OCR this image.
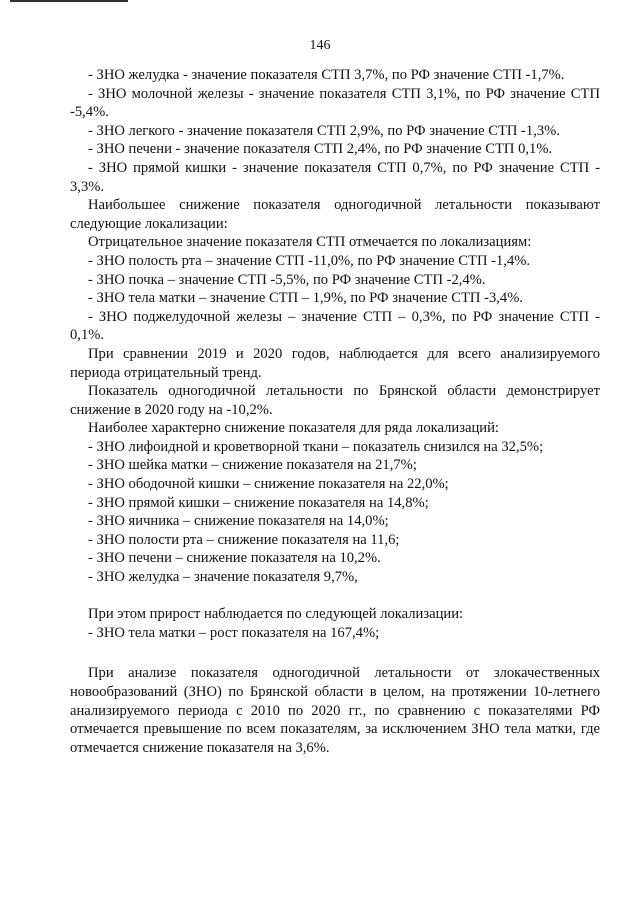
146

- ЗНО желудка - значение показателя СТП 3,7%, по РФ значение СТП -1,7%.

- ЗНО молочной железы - значение показателя СТП 3,1%, по РФ значение СТП -5,4%.

- ЗНО легкого - значение показателя СТП 2,9%, по РФ значение СТП -1,3%.

- ЗНО печени - значение показателя СТП 2,4%, по РФ значение СТП 0,1%.

- ЗНО прямой кишки - значение показателя СТП 0,7%, по РФ значение СТП - 3,3%.

Наибольшее снижение показателя одногодичной летальности показывают следующие локализации:

Отрицательное значение показателя СТП отмечается по локализациям:

- ЗНО полость рта – значение СТП -11,0%, по РФ значение СТП -1,4%.

- ЗНО почка – значение СТП -5,5%, по РФ значение СТП -2,4%.

- ЗНО тела матки – значение СТП – 1,9%, по РФ значение СТП -3,4%.

- ЗНО поджелудочной железы – значение СТП – 0,3%, по РФ значение СТП - 0,1%.

При сравнении 2019 и 2020 годов, наблюдается для всего анализируемого периода отрицательный тренд.

Показатель одногодичной летальности по Брянской области демонстрирует снижение в 2020 году на -10,2%.

Наиболее характерно снижение показателя для ряда локализаций:

- ЗНО лифоидной и кроветворной ткани – показатель снизился на 32,5%;

- ЗНО шейка матки – снижение показателя на 21,7%;

- ЗНО ободочной кишки – снижение показателя на 22,0%;

- ЗНО прямой кишки – снижение показателя на 14,8%;

- ЗНО яичника – снижение показателя на 14,0%;

- ЗНО полости рта – снижение показателя на 11,6;

- ЗНО печени – снижение показателя на 10,2%.

- ЗНО желудка – значение показателя 9,7%,

При этом прирост наблюдается по следующей локализации:

- ЗНО тела матки – рост показателя на 167,4%;

При анализе показателя одногодичной летальности от злокачественных новообразований (ЗНО) по Брянской области в целом, на протяжении 10-летнего анализируемого периода с 2010 по 2020 гг., по сравнению с показателями РФ отмечается превышение по всем показателям, за исключением ЗНО тела матки, где отмечается снижение показателя на 3,6%.
